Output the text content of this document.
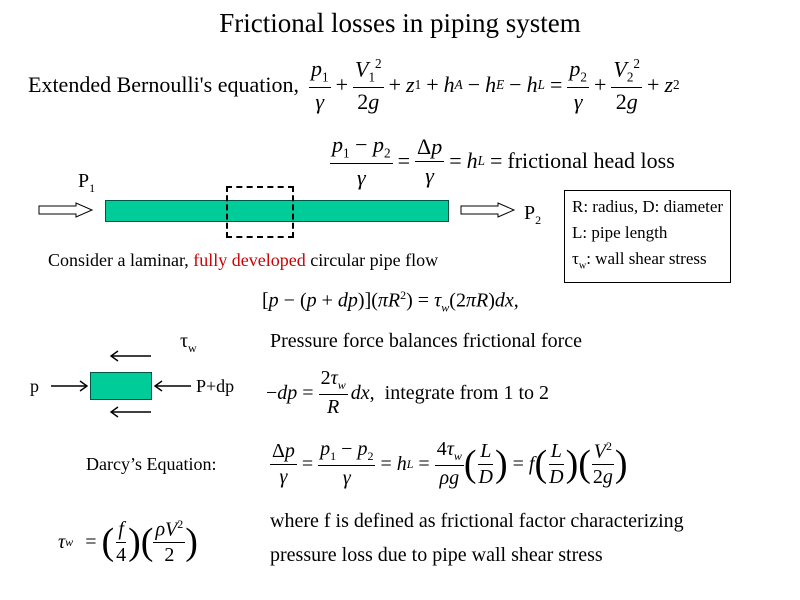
Frictional losses in piping system
Extended Bernoulli's equation, $\frac{p_1}{\gamma} + \frac{V_1^2}{2g} + z$ 1 + h A − h E − h $L = \frac{p_2}{\gamma} + \frac{V_2^2}{2g} + z$ 2
$\frac{p_1 - p_2}{\gamma} = \frac{\Delta p}{\gamma} = h$ L = frictional head loss
$P_1$
$P_2$
R: radius, D: diameter
L: pipe length
$\tau_w$: wall shear stress
Consider a laminar, fully developed circular pipe flow
$[p - (p + dp)](\pi R^2) = \tau_w(2\pi R)dx$,
$\tau_w$	Pressure force balances frictional force
p	$P+dp -dp = \frac{2\tau_w}{R}$ dx , integrate from 1 to 2
Darcy’s Equation:	$\frac{\Delta p}{\gamma} = \frac{p_1 - p_2}{\gamma} = h$ $L = \frac{4\tau_w}{\rho g}$ ( $\frac{L}{D}$ ) = f ( $\frac{L}{D}$ ) ( $\frac{V^2}{2g}$ )
τ w = ( $\frac{f}{4}$ ) ( $\frac{\rho V^2}{2}$ )	where f is defined as frictional factor characterizing
pressure loss due to pipe wall shear stress
